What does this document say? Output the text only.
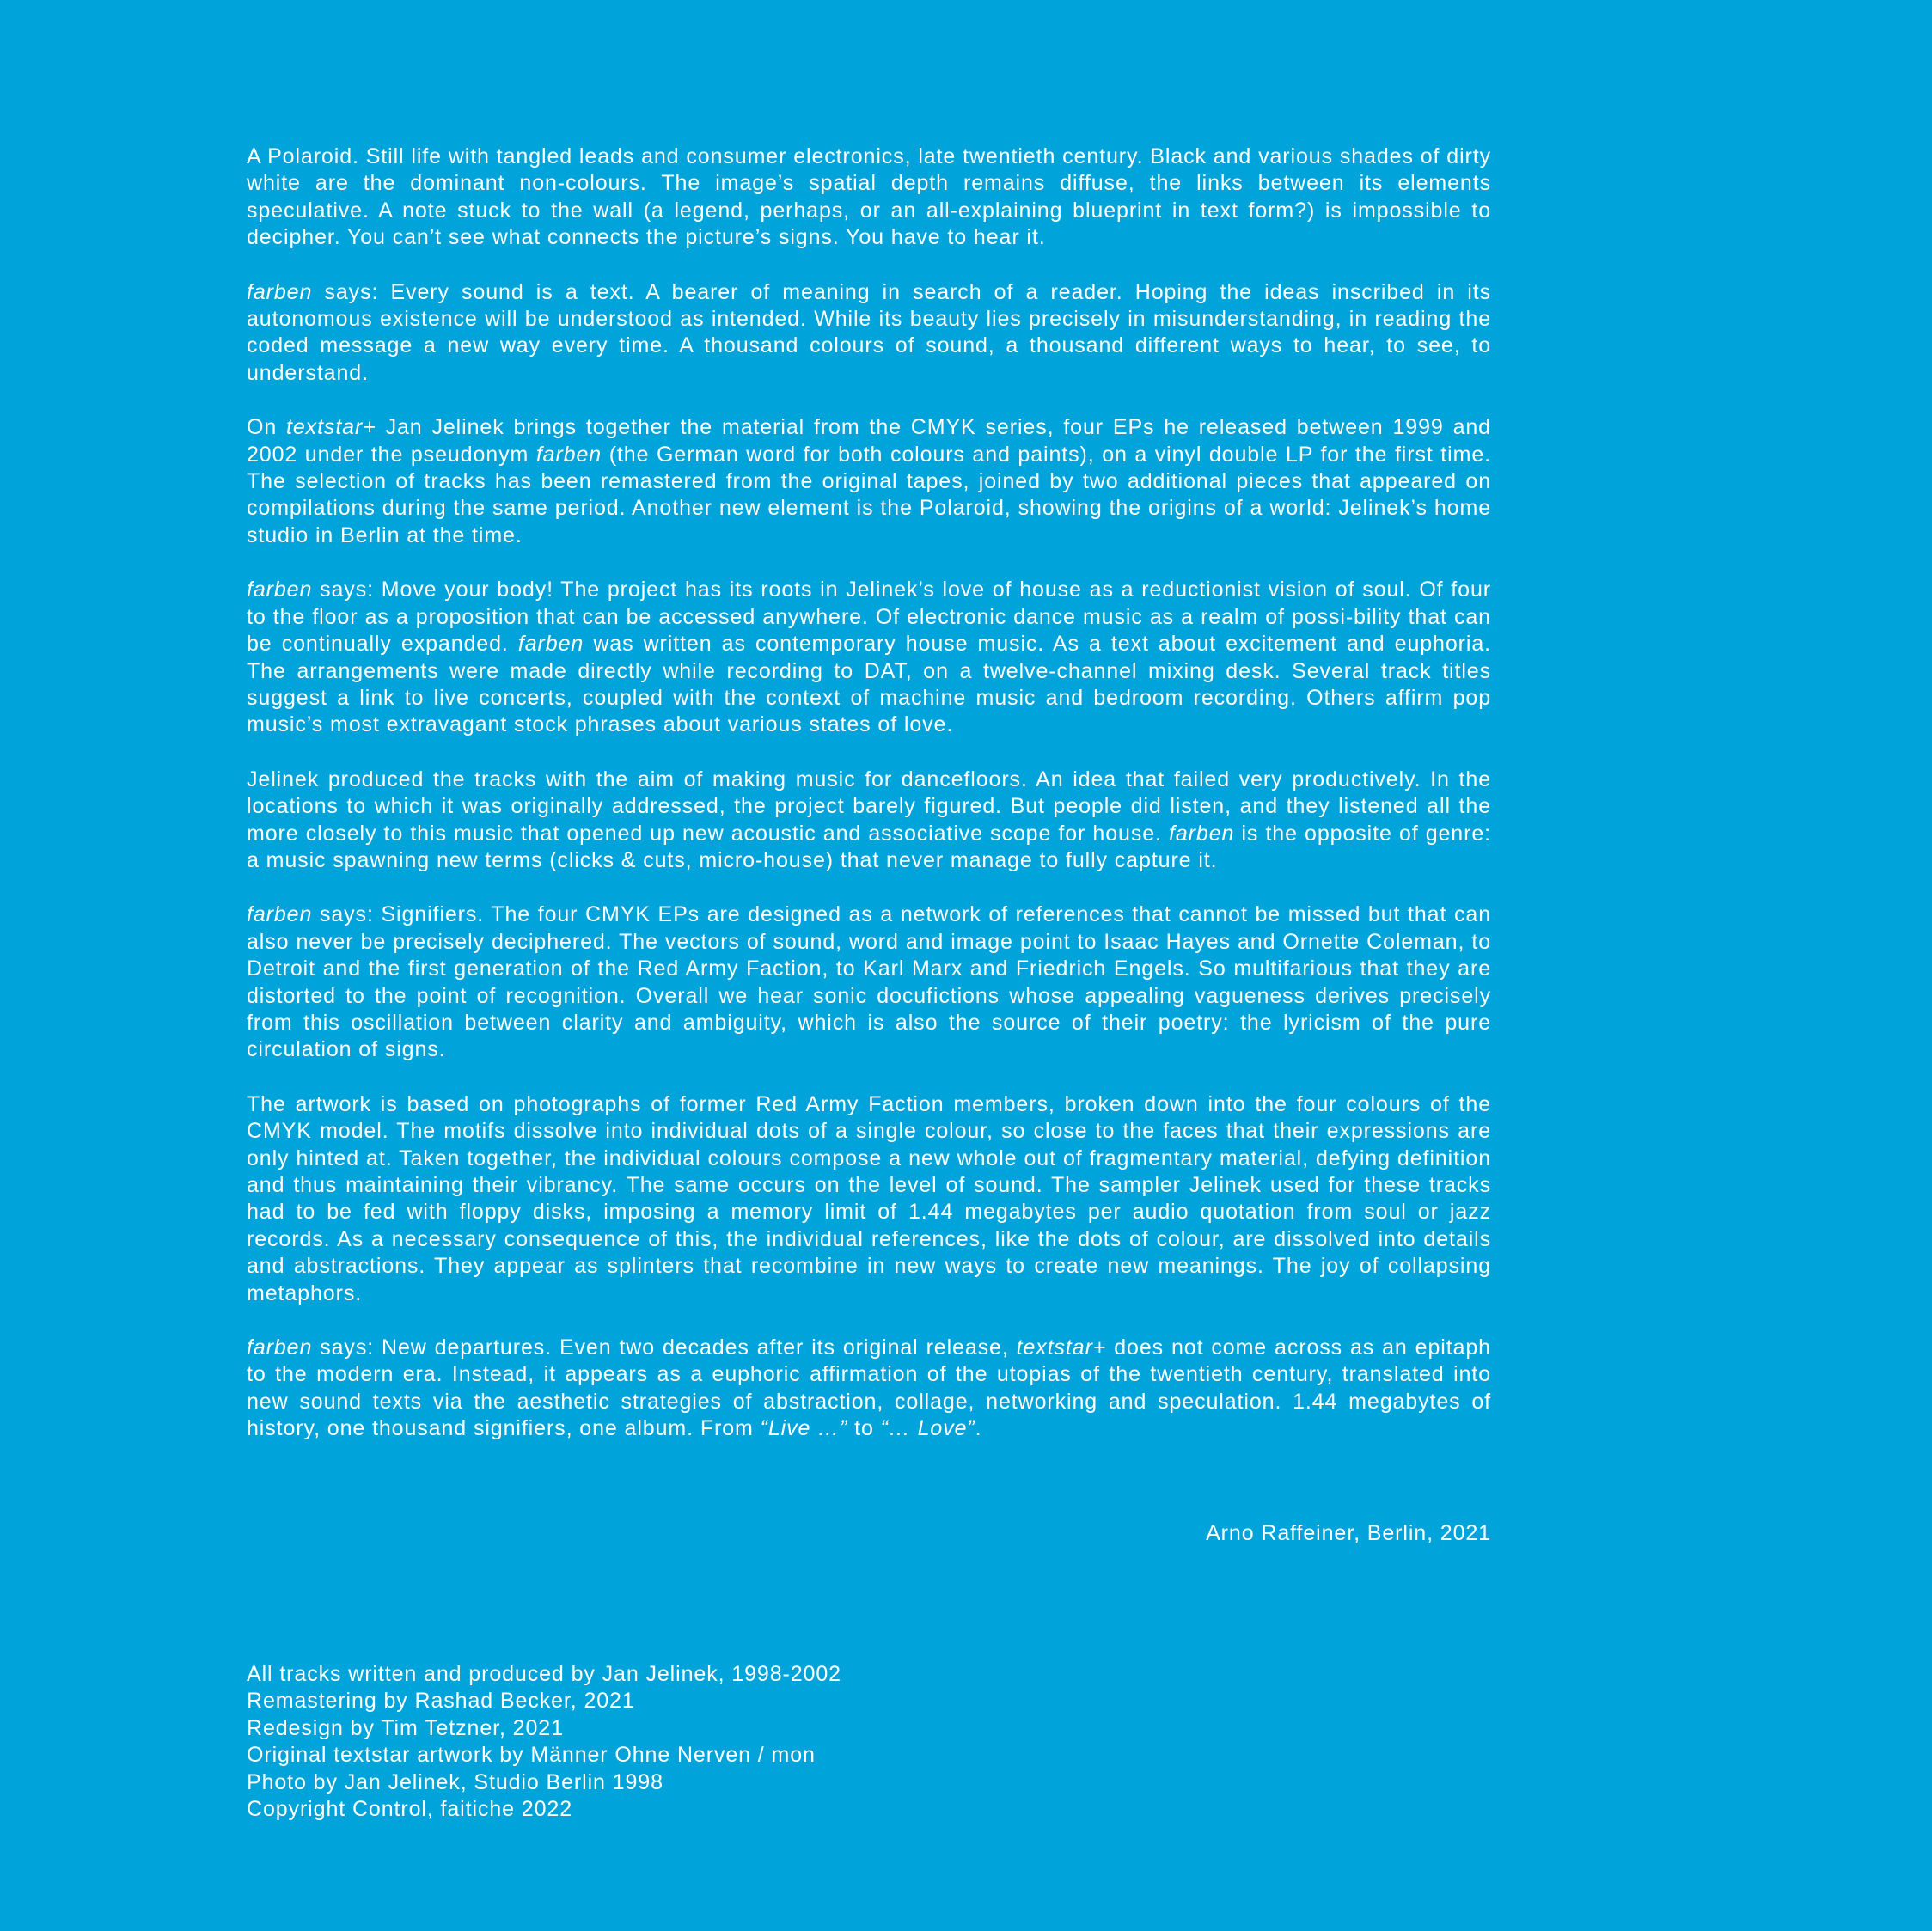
A Polaroid. Still life with tangled leads and consumer electronics, late twentieth century. Black and various shades of dirty white are the dominant non-colours. The image’s spatial depth remains diffuse, the links between its elements speculative. A note stuck to the wall (a legend, perhaps, or an all-explaining blueprint in text form?) is impossible to decipher. You can’t see what connects the picture’s signs. You have to hear it.

farben says: Every sound is a text. A bearer of meaning in search of a reader. Hoping the ideas inscribed in its autonomous existence will be understood as intended. While its beauty lies precisely in misunderstanding, in reading the coded message a new way every time. A thousand colours of sound, a thousand different ways to hear, to see, to understand.

On textstar+ Jan Jelinek brings together the material from the CMYK series, four EPs he released between 1999 and 2002 under the pseudonym farben (the German word for both colours and paints), on a vinyl double LP for the first time. The selection of tracks has been remastered from the original tapes, joined by two additional pieces that appeared on compilations during the same period. Another new element is the Polaroid, showing the origins of a world: Jelinek’s home studio in Berlin at the time.

farben says: Move your body! The project has its roots in Jelinek’s love of house as a reductionist vision of soul. Of four to the floor as a proposition that can be accessed anywhere. Of electronic dance music as a realm of possi-bility that can be continually expanded. farben was written as contemporary house music. As a text about excitement and euphoria. The arrangements were made directly while recording to DAT, on a twelve-channel mixing desk. Several track titles suggest a link to live concerts, coupled with the context of machine music and bedroom recording. Others affirm pop music’s most extravagant stock phrases about various states of love.

Jelinek produced the tracks with the aim of making music for dancefloors. An idea that failed very productively. In the locations to which it was originally addressed, the project barely figured. But people did listen, and they listened all the more closely to this music that opened up new acoustic and associative scope for house. farben is the opposite of genre: a music spawning new terms (clicks & cuts, micro-house) that never manage to fully capture it.

farben says: Signifiers. The four CMYK EPs are designed as a network of references that cannot be missed but that can also never be precisely deciphered. The vectors of sound, word and image point to Isaac Hayes and Ornette Coleman, to Detroit and the first generation of the Red Army Faction, to Karl Marx and Friedrich Engels. So multifarious that they are distorted to the point of recognition. Overall we hear sonic docufictions whose appealing vagueness derives precisely from this oscillation between clarity and ambiguity, which is also the source of their poetry: the lyricism of the pure circulation of signs.

The artwork is based on photographs of former Red Army Faction members, broken down into the four colours of the CMYK model. The motifs dissolve into individual dots of a single colour, so close to the faces that their expressions are only hinted at. Taken together, the individual colours compose a new whole out of fragmentary material, defying definition and thus maintaining their vibrancy. The same occurs on the level of sound. The sampler Jelinek used for these tracks had to be fed with floppy disks, imposing a memory limit of 1.44 megabytes per audio quotation from soul or jazz records. As a necessary consequence of this, the individual references, like the dots of colour, are dissolved into details and abstractions. They appear as splinters that recombine in new ways to create new meanings. The joy of collapsing metaphors.

farben says: New departures. Even two decades after its original release, textstar+ does not come across as an epitaph to the modern era. Instead, it appears as a euphoric affirmation of the utopias of the twentieth century, translated into new sound texts via the aesthetic strategies of abstraction, collage, networking and speculation. 1.44 megabytes of history, one thousand signifiers, one album. From “Live …” to “… Love”.

Arno Raffeiner, Berlin, 2021
All tracks written and produced by Jan Jelinek, 1998-2002
Remastering by Rashad Becker, 2021
Redesign by Tim Tetzner, 2021
Original textstar artwork by Männer Ohne Nerven / mon
Photo by Jan Jelinek, Studio Berlin 1998
Copyright Control, faitiche 2022
